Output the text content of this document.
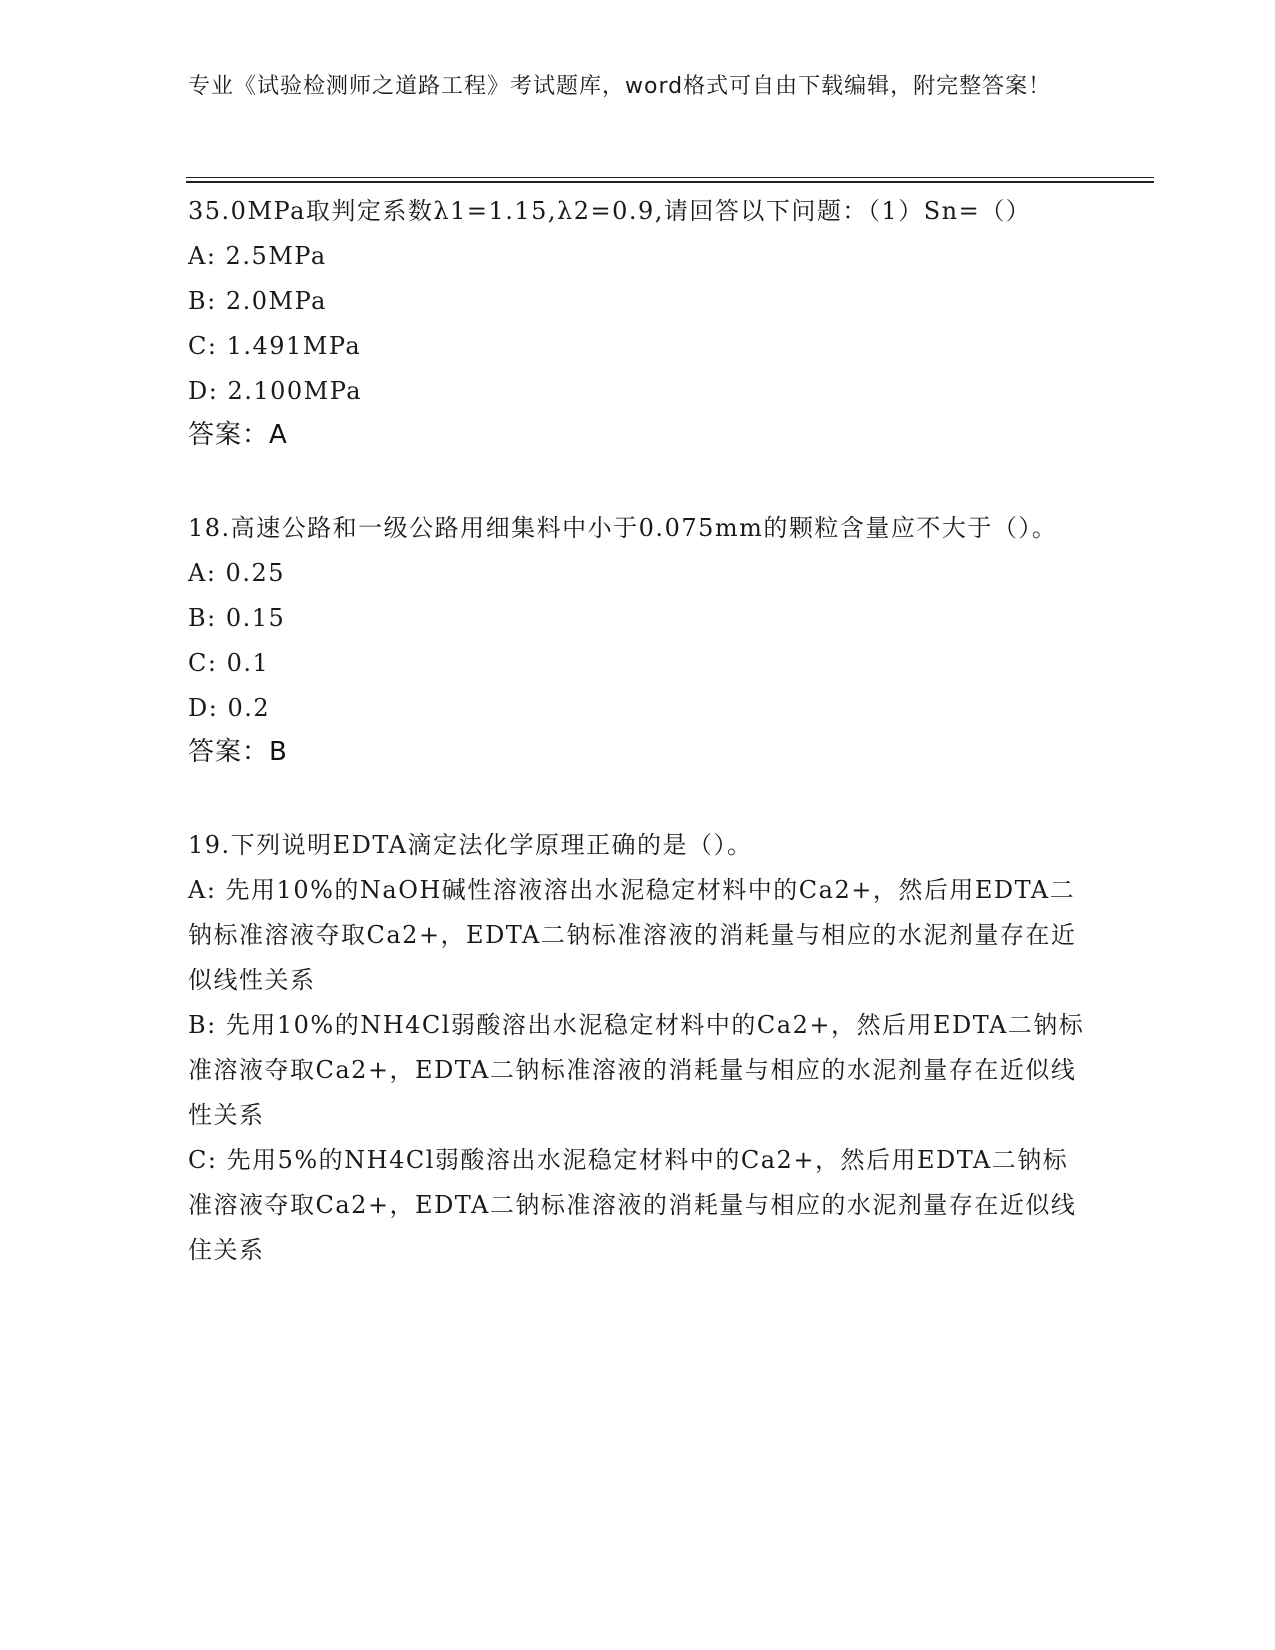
专业《试验检测师之道路工程》考试题库，word格式可自由下载编辑，附完整答案！

35.0MPa取判定系数λ1=1.15,λ2=0.9,请回答以下问题：（1）Sn=（）

A: 2.5MPa

B: 2.0MPa

C: 1.491MPa

D: 2.100MPa

答案：A

18.高速公路和一级公路用细集料中小于0.075mm的颗粒含量应不大于（）。

A: 0.25

B: 0.15

C: 0.1

D: 0.2

答案：B

19.下列说明EDTA滴定法化学原理正确的是（）。

A: 先用10%的NaOH碱性溶液溶出水泥稳定材料中的Ca2+，然后用EDTA二钠标准溶液夺取Ca2+，EDTA二钠标准溶液的消耗量与相应的水泥剂量存在近似线性关系

B: 先用10%的NH4Cl弱酸溶出水泥稳定材料中的Ca2+，然后用EDTA二钠标准溶液夺取Ca2+，EDTA二钠标准溶液的消耗量与相应的水泥剂量存在近似线性关系

C: 先用5%的NH4Cl弱酸溶出水泥稳定材料中的Ca2+，然后用EDTA二钠标准溶液夺取Ca2+，EDTA二钠标准溶液的消耗量与相应的水泥剂量存在近似线住关系
